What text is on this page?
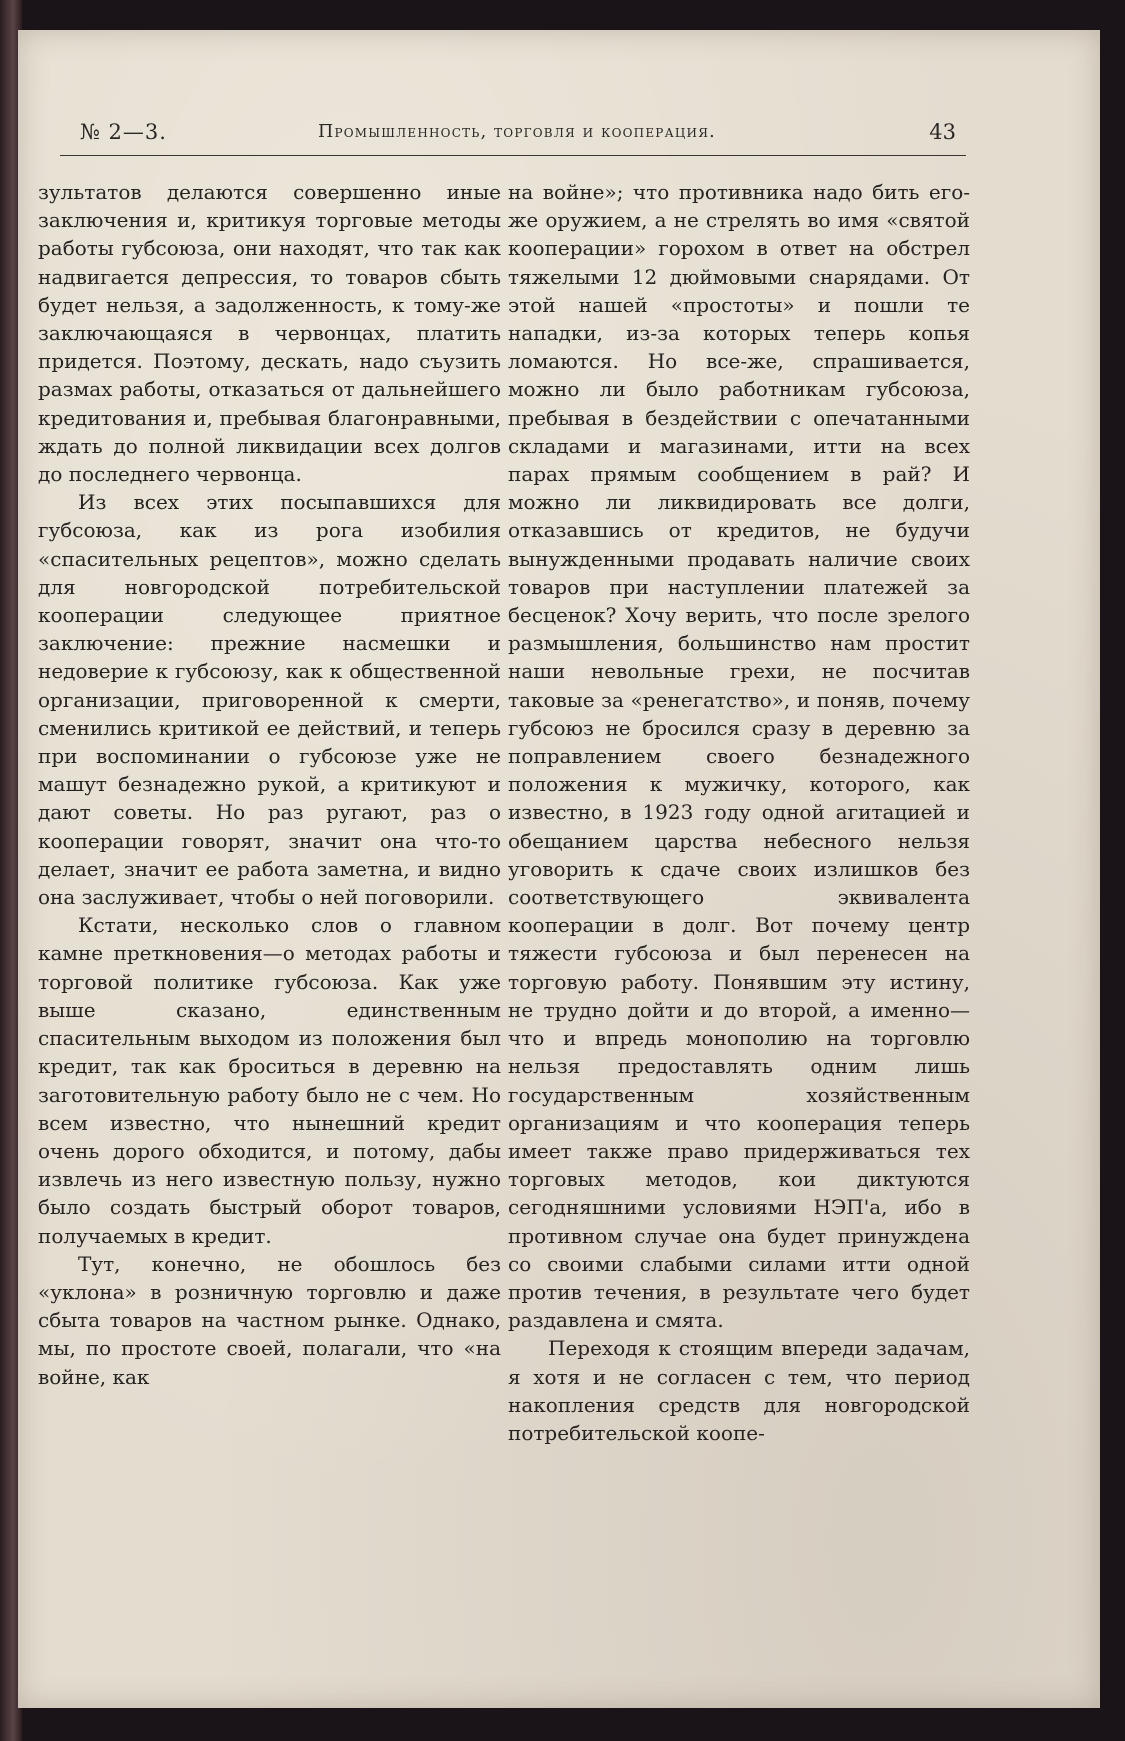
№ 2—3.	Промышленность, торговля и кооперация.	43

зультатов делаются совершенно иные заключения и, критикуя торговые методы работы губсоюза, они находят, что так как надвигается депрессия, то товаров сбыть будет нельзя, а задолженность, к тому-же заключающаяся в червонцах, платить придется. Поэтому, дескать, надо съузить размах работы, отказаться от дальнейшего кредитования и, пребывая благонравными, ждать до полной ликвидации всех долгов до последнего червонца.

Из всех этих посыпавшихся для губсоюза, как из рога изобилия «спасительных рецептов», можно сделать для новгородской потребительской кооперации следующее приятное заключение: прежние насмешки и недоверие к губсоюзу, как к общественной организации, приговоренной к смерти, сменились критикой ее действий, и теперь при воспоминании о губсоюзе уже не машут безнадежно рукой, а критикуют и дают советы. Но раз ругают, раз о кооперации говорят, значит она что-то делает, значит ее работа заметна, и видно она заслуживает, чтобы о ней поговорили.

Кстати, несколько слов о главном камне преткновения—о методах работы и торговой политике губсоюза. Как уже выше сказано, единственным спасительным выходом из положения был кредит, так как броситься в деревню на заготовительную работу было не с чем. Но всем известно, что нынешний кредит очень дорого обходится, и потому, дабы извлечь из него известную пользу, нужно было создать быстрый оборот товаров, получаемых в кредит.

Тут, конечно, не обошлось без «уклона» в розничную торговлю и даже сбыта товаров на частном рынке. Однако, мы, по простоте своей, полагали, что «на войне, как

на войне»; что противника надо бить его-же оружием, а не стрелять во имя «святой кооперации» горохом в ответ на обстрел тяжелыми 12 дюймовыми снарядами. От этой нашей «простоты» и пошли те нападки, из-за которых теперь копья ломаются. Но все-же, спрашивается, можно ли было работникам губсоюза, пребывая в бездействии с опечатанными складами и магазинами, итти на всех парах прямым сообщением в рай? И можно ли ликвидировать все долги, отказавшись от кредитов, не будучи вынужденными продавать наличие своих товаров при наступлении платежей за бесценок? Хочу верить, что после зрелого размышления, большинство нам простит наши невольные грехи, не посчитав таковые за «ренегатство», и поняв, почему губсоюз не бросился сразу в деревню за поправлением своего безнадежного положения к мужичку, которого, как известно, в 1923 году одной агитацией и обещанием царства небесного нельзя уговорить к сдаче своих излишков без соответствующего эквивалента кооперации в долг. Вот почему центр тяжести губсоюза и был перенесен на торговую работу. Понявшим эту истину, не трудно дойти и до второй, а именно—что и впредь монополию на торговлю нельзя предоставлять одним лишь государственным хозяйственным организациям и что кооперация теперь имеет также право придерживаться тех торговых методов, кои диктуются сегодняшними условиями НЭП'а, ибо в противном случае она будет принуждена со своими слабыми силами итти одной против течения, в результате чего будет раздавлена и смята.

Переходя к стоящим впереди задачам, я хотя и не согласен с тем, что период накопления средств для новгородской потребительской коопе-
